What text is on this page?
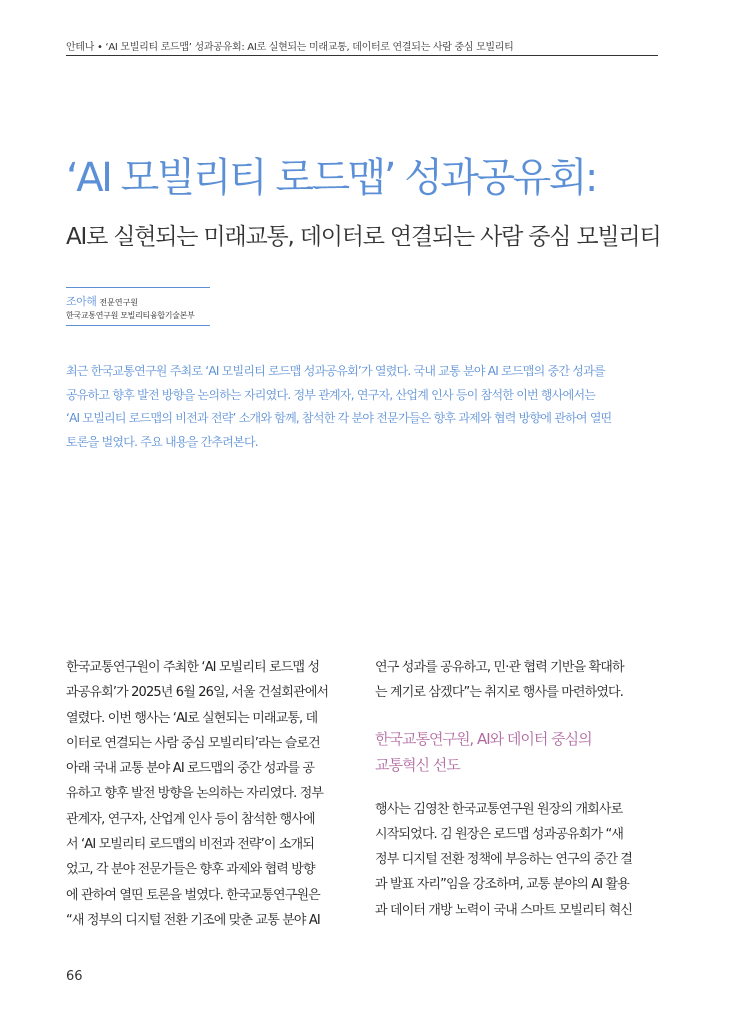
안테나 • ‘AI 모빌리티 로드맵’ 성과공유회: AI로 실현되는 미래교통, 데이터로 연결되는 사람 중심 모빌리티
‘AI 모빌리티 로드맵’ 성과공유회:
AI로 실현되는 미래교통, 데이터로 연결되는 사람 중심 모빌리티
조아해 전문연구원
한국교통연구원 모빌리티융합기술본부
최근 한국교통연구원 주최로 ‘AI 모빌리티 로드맵 성과공유회’가 열렸다. 국내 교통 분야 AI 로드맵의 중간 성과를
공유하고 향후 발전 방향을 논의하는 자리였다. 정부 관계자, 연구자, 산업계 인사 등이 참석한 이번 행사에서는
‘AI 모빌리티 로드맵의 비전과 전략’ 소개와 함께, 참석한 각 분야 전문가들은 향후 과제와 협력 방향에 관하여 열띤
토론을 벌였다. 주요 내용을 간추려본다.
한국교통연구원이 주최한 ‘AI 모빌리티 로드맵 성
과공유회’가 2025년 6월 26일, 서울 건설회관에서
열렸다. 이번 행사는 ‘AI로 실현되는 미래교통, 데
이터로 연결되는 사람 중심 모빌리티’라는 슬로건
아래 국내 교통 분야 AI 로드맵의 중간 성과를 공
유하고 향후 발전 방향을 논의하는 자리였다. 정부
관계자, 연구자, 산업계 인사 등이 참석한 행사에
서 ‘AI 모빌리티 로드맵의 비전과 전략’이 소개되
었고, 각 분야 전문가들은 향후 과제와 협력 방향
에 관하여 열띤 토론을 벌였다. 한국교통연구원은
“새 정부의 디지털 전환 기조에 맞춘 교통 분야 AI
연구 성과를 공유하고, 민·관 협력 기반을 확대하
는 계기로 삼겠다”는 취지로 행사를 마련하였다.
한국교통연구원, AI와 데이터 중심의
교통혁신 선도
행사는 김영찬 한국교통연구원 원장의 개회사로
시작되었다. 김 원장은 로드맵 성과공유회가 “새
정부 디지털 전환 정책에 부응하는 연구의 중간 결
과 발표 자리”임을 강조하며, 교통 분야의 AI 활용
과 데이터 개방 노력이 국내 스마트 모빌리티 혁신
66
